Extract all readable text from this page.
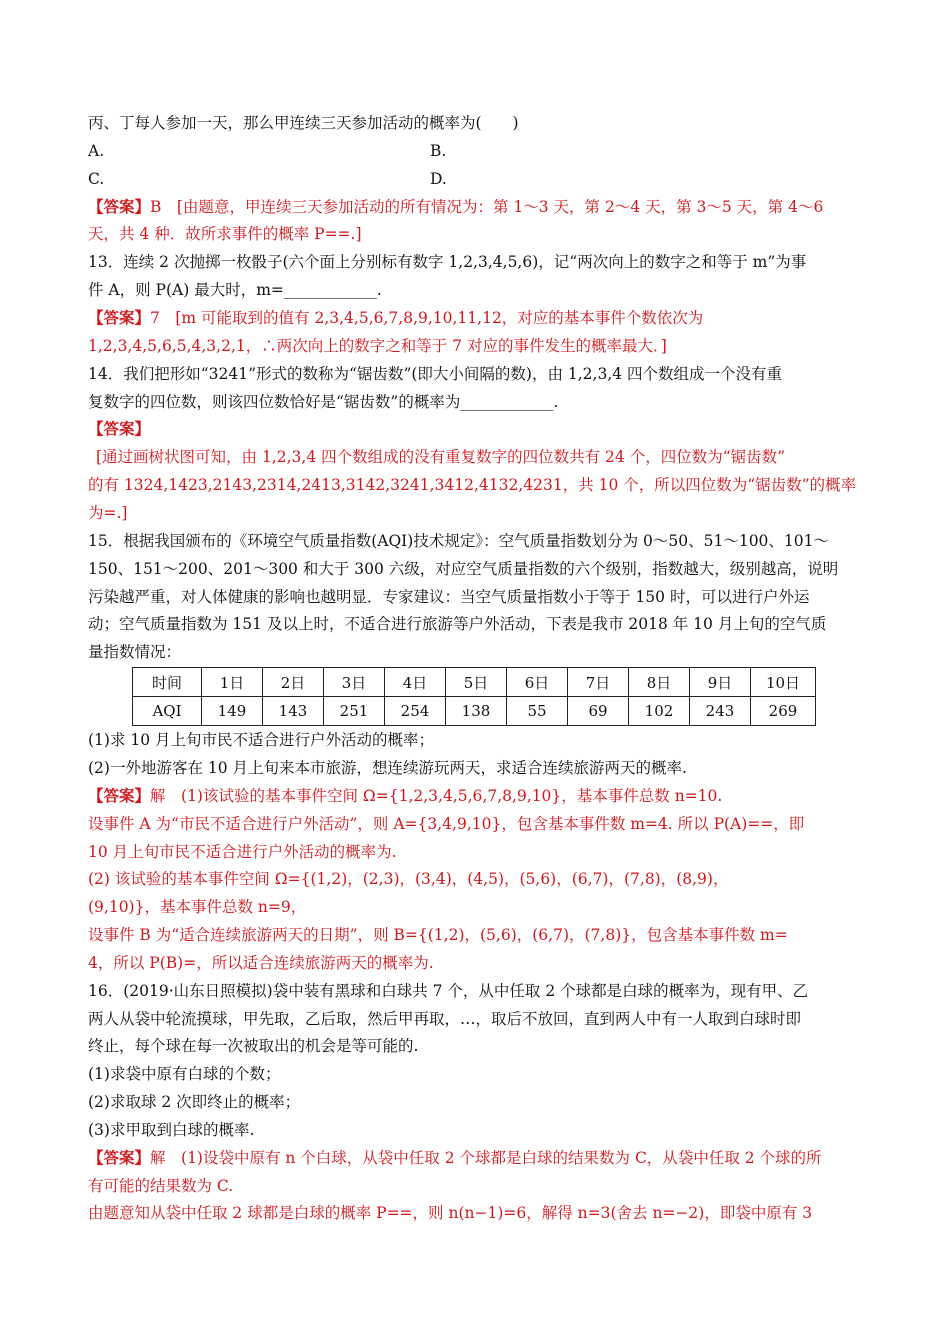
丙、丁每人参加一天，那么甲连续三天参加活动的概率为(　　)
A.	B.
C.	D.
【答案】B　[由题意，甲连续三天参加活动的所有情况为：第 1～3 天，第 2～4 天，第 3～5 天，第 4～6
天，共 4 种．故所求事件的概率 P==.]
13．连续 2 次抛掷一枚骰子(六个面上分别标有数字 1,2,3,4,5,6)，记“两次向上的数字之和等于 m”为事
件 A，则 P(A) 最大时，m=____________.
【答案】7　[m 可能取到的值有 2,3,4,5,6,7,8,9,10,11,12，对应的基本事件个数依次为
1,2,3,4,5,6,5,4,3,2,1，∴两次向上的数字之和等于 7 对应的事件发生的概率最大．]
14．我们把形如“3241”形式的数称为“锯齿数”(即大小间隔的数)，由 1,2,3,4 四个数组成一个没有重
复数字的四位数，则该四位数恰好是“锯齿数”的概率为____________.
【答案】
[通过画树状图可知，由 1,2,3,4 四个数组成的没有重复数字的四位数共有 24 个，四位数为“锯齿数”
的有 1324,1423,2143,2314,2413,3142,3241,3412,4132,4231，共 10 个，所以四位数为“锯齿数”的概率
为=.]
15．根据我国颁布的《环境空气质量指数(AQI)技术规定》：空气质量指数划分为 0～50、51～100、101～
150、151～200、201～300 和大于 300 六级，对应空气质量指数的六个级别，指数越大，级别越高，说明
污染越严重，对人体健康的影响也越明显．专家建议：当空气质量指数小于等于 150 时，可以进行户外运
动；空气质量指数为 151 及以上时，不适合进行旅游等户外活动，下表是我市 2018 年 10 月上旬的空气质
量指数情况：
时间	1日	2日	3日	4日	5日	6日	7日	8日	9日	10日
AQI	149	143	251	254	138	55	69	102	243	269
(1)求 10 月上旬市民不适合进行户外活动的概率；
(2)一外地游客在 10 月上旬来本市旅游，想连续游玩两天，求适合连续旅游两天的概率.
【答案】解　(1)该试验的基本事件空间 Ω={1,2,3,4,5,6,7,8,9,10}，基本事件总数 n=10.
设事件 A 为“市民不适合进行户外活动”，则 A={3,4,9,10}，包含基本事件数 m=4. 所以 P(A)==，即
10 月上旬市民不适合进行户外活动的概率为.
(2) 该试验的基本事件空间 Ω={(1,2)，(2,3)，(3,4)，(4,5)，(5,6)，(6,7)，(7,8)，(8,9)，
(9,10)}，基本事件总数 n=9，
设事件 B 为“适合连续旅游两天的日期”，则 B={(1,2)，(5,6)，(6,7)，(7,8)}，包含基本事件数 m=
4，所以 P(B)=，所以适合连续旅游两天的概率为.
16．(2019·山东日照模拟)袋中装有黑球和白球共 7 个，从中任取 2 个球都是白球的概率为，现有甲、乙
两人从袋中轮流摸球，甲先取，乙后取，然后甲再取，…，取后不放回，直到两人中有一人取到白球时即
终止，每个球在每一次被取出的机会是等可能的.
(1)求袋中原有白球的个数；
(2)求取球 2 次即终止的概率；
(3)求甲取到白球的概率.
【答案】解　(1)设袋中原有 n 个白球，从袋中任取 2 个球都是白球的结果数为 C，从袋中任取 2 个球的所
有可能的结果数为 C.
由题意知从袋中任取 2 球都是白球的概率 P==，则 n(n−1)=6，解得 n=3(舍去 n=−2)，即袋中原有 3
